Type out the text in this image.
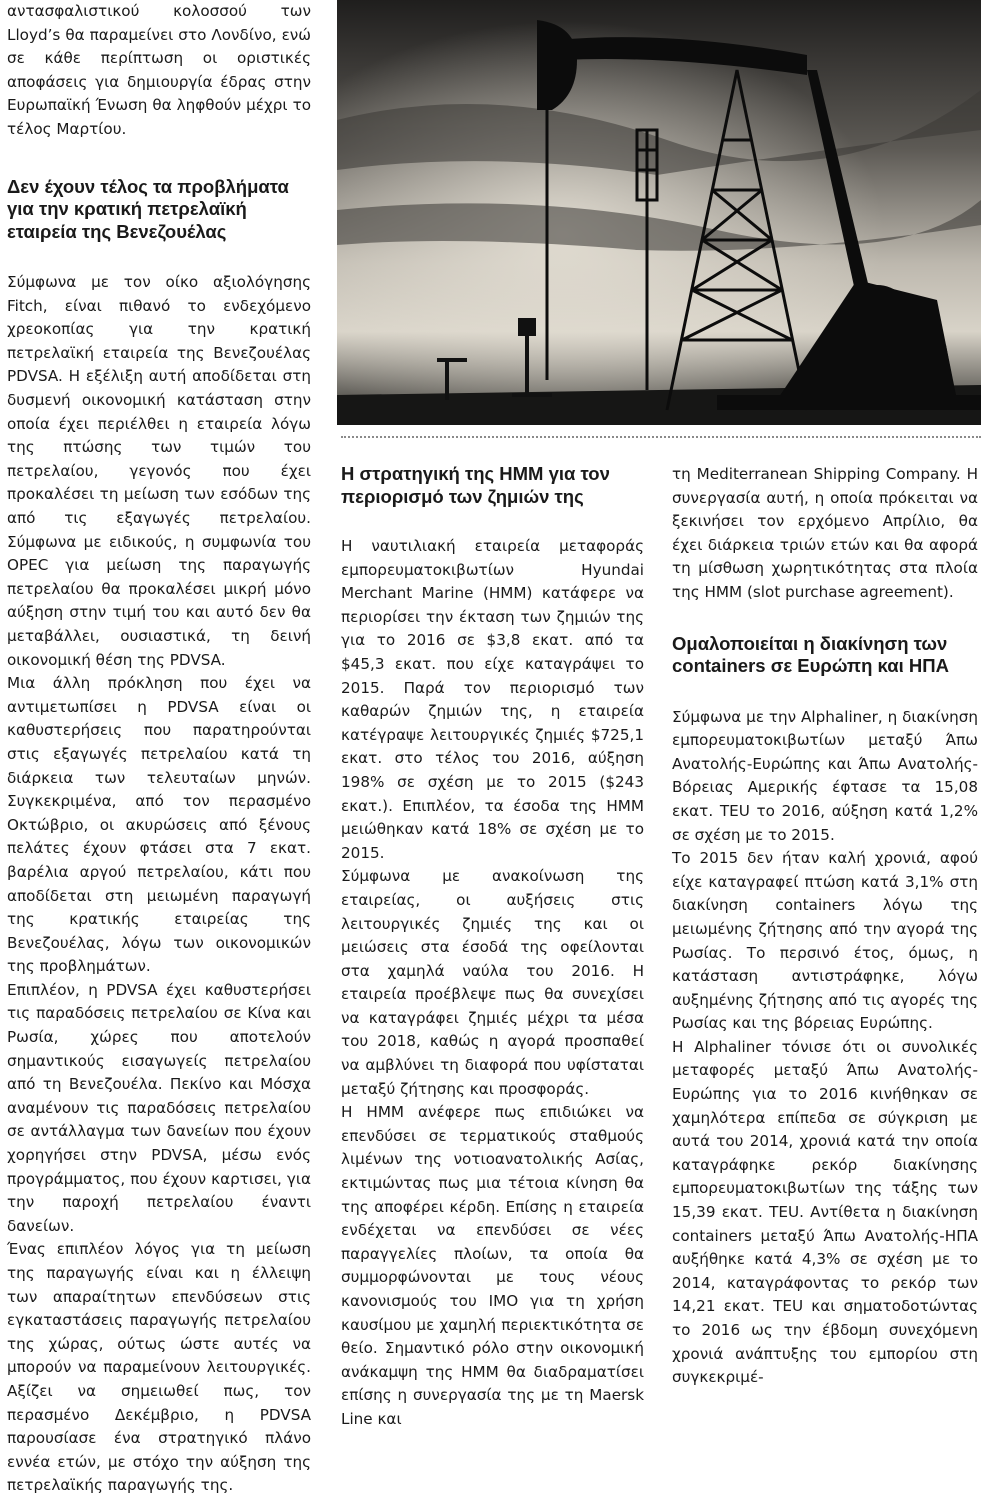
αντασφαλιστικού κολοσσού των Lloyd’s θα παραμείνει στο Λονδίνο, ενώ σε κάθε περίπτωση οι οριστικές αποφάσεις για δημιουργία έδρας στην Ευρωπαϊκή Ένωση θα ληφθούν μέχρι το τέλος Μαρτίου.

Δεν έχουν τέλος τα προβλήματα για την κρατική πετρελαϊκή εταιρεία της Βενεζουέλας

Σύμφωνα με τον οίκο αξιολόγησης Fitch, είναι πιθανό το ενδεχόμενο χρεοκοπίας για την κρατική πετρελαϊκή εταιρεία της Βενεζουέλας PDVSA. Η εξέλιξη αυτή αποδίδεται στη δυσμενή οικονομική κατάσταση στην οποία έχει περιέλθει η εταιρεία λόγω της πτώσης των τιμών του πετρελαίου, γεγονός που έχει προκαλέσει τη μείωση των εσόδων της από τις εξαγωγές πετρελαίου. Σύμφωνα με ειδικούς, η συμφωνία του OPEC για μείωση της παραγωγής πετρελαίου θα προκαλέσει μικρή μόνο αύξηση στην τιμή του και αυτό δεν θα μεταβάλλει, ουσιαστικά, τη δεινή οικονομική θέση της PDVSA.

Μια άλλη πρόκληση που έχει να αντιμετωπίσει η PDVSA είναι οι καθυστερήσεις που παρατηρούνται στις εξαγωγές πετρελαίου κατά τη διάρκεια των τελευταίων μηνών. Συγκεκριμένα, από τον περασμένο Οκτώβριο, οι ακυρώσεις από ξένους πελάτες έχουν φτάσει στα 7 εκατ. βαρέλια αργού πετρελαίου, κάτι που αποδίδεται στη μειωμένη παραγωγή της κρατικής εταιρείας της Βενεζουέλας, λόγω των οικονομικών της προβλημάτων.

Επιπλέον, η PDVSA έχει καθυστερήσει τις παραδόσεις πετρελαίου σε Κίνα και Ρωσία, χώρες που αποτελούν σημαντικούς εισαγωγείς πετρελαίου από τη Βενεζουέλα. Πεκίνο και Μόσχα αναμένουν τις παραδόσεις πετρελαίου σε αντάλλαγμα των δανείων που έχουν χορηγήσει στην PDVSA, μέσω ενός προγράμματος, που έχουν καρτισει, για την παροχή πετρελαίου έναντι δανείων.

Ένας επιπλέον λόγος για τη μείωση της παραγωγής είναι και η έλλειψη των απαραίτητων επενδύσεων στις εγκαταστάσεις παραγωγής πετρελαίου της χώρας, ούτως ώστε αυτές να μπορούν να παραμείνουν λειτουργικές. Αξίζει να σημειωθεί πως, τον περασμένο Δεκέμβριο, η PDVSA παρουσίασε ένα στρατηγικό πλάνο εννέα ετών, με στόχο την αύξηση της πετρελαϊκής παραγωγής της.

Η στρατηγική της HMM για τον περιορισμό των ζημιών της

Η ναυτιλιακή εταιρεία μεταφοράς εμπορευματοκιβωτίων Hyundai Merchant Marine (HMM) κατάφερε να περιορίσει την έκταση των ζημιών της για το 2016 σε $3,8 εκατ. από τα $45,3 εκατ. που είχε καταγράψει το 2015. Παρά τον περιορισμό των καθαρών ζημιών της, η εταιρεία κατέγραψε λειτουργικές ζημιές $725,1 εκατ. στο τέλος του 2016, αύξηση 198% σε σχέση με το 2015 ($243 εκατ.). Επιπλέον, τα έσοδα της HMM μειώθηκαν κατά 18% σε σχέση με το 2015.

Σύμφωνα με ανακοίνωση της εταιρείας, οι αυξήσεις στις λειτουργικές ζημιές της και οι μειώσεις στα έσοδά της οφείλονται στα χαμηλά ναύλα του 2016. Η εταιρεία προέβλεψε πως θα συνεχίσει να καταγράφει ζημιές μέχρι τα μέσα του 2018, καθώς η αγορά προσπαθεί να αμβλύνει τη διαφορά που υφίσταται μεταξύ ζήτησης και προσφοράς.

Η HMM ανέφερε πως επιδιώκει να επενδύσει σε τερματικούς σταθμούς λιμένων της νοτιοανατολικής Ασίας, εκτιμώντας πως μια τέτοια κίνηση θα της αποφέρει κέρδη. Επίσης η εταιρεία ενδέχεται να επενδύσει σε νέες παραγγελίες πλοίων, τα οποία θα συμμορφώνονται με τους νέους κανονισμούς του ΙΜΟ για τη χρήση καυσίμου με χαμηλή περιεκτικότητα σε θείο. Σημαντικό ρόλο στην οικονομική ανάκαμψη της HMM θα διαδραματίσει επίσης η συνεργασία της με τη Maersk Line και

τη Mediterranean Shipping Company. Η συνεργασία αυτή, η οποία πρόκειται να ξεκινήσει τον ερχόμενο Απρίλιο, θα έχει διάρκεια τριών ετών και θα αφορά τη μίσθωση χωρητικότητας στα πλοία της HMM (slot purchase agreement).

Ομαλοποιείται η διακίνηση των containers σε Ευρώπη και ΗΠΑ

Σύμφωνα με την Alphaliner, η διακίνηση εμπορευματοκιβωτίων μεταξύ Άπω Ανατολής-Ευρώπης και Άπω Ανατολής-Βόρειας Αμερικής έφτασε τα 15,08 εκατ. TEU το 2016, αύξηση κατά 1,2% σε σχέση με το 2015.

Το 2015 δεν ήταν καλή χρονιά, αφού είχε καταγραφεί πτώση κατά 3,1% στη διακίνηση containers λόγω της μειωμένης ζήτησης από την αγορά της Ρωσίας. Το περσινό έτος, όμως, η κατάσταση αντιστράφηκε, λόγω αυξημένης ζήτησης από τις αγορές της Ρωσίας και της βόρειας Ευρώπης.

Η Alphaliner τόνισε ότι οι συνολικές μεταφορές μεταξύ Άπω Ανατολής-Ευρώπης για το 2016 κινήθηκαν σε χαμηλότερα επίπεδα σε σύγκριση με αυτά του 2014, χρονιά κατά την οποία καταγράφηκε ρεκόρ διακίνησης εμπορευματοκιβωτίων της τάξης των 15,39 εκατ. TEU. Αντίθετα η διακίνηση containers μεταξύ Άπω Ανατολής-ΗΠΑ αυξήθηκε κατά 4,3% σε σχέση με το 2014, καταγράφοντας το ρεκόρ των 14,21 εκατ. TEU και σηματοδοτώντας το 2016 ως την έβδομη συνεχόμενη χρονιά ανάπτυξης του εμπορίου στη συγκεκριμέ-
